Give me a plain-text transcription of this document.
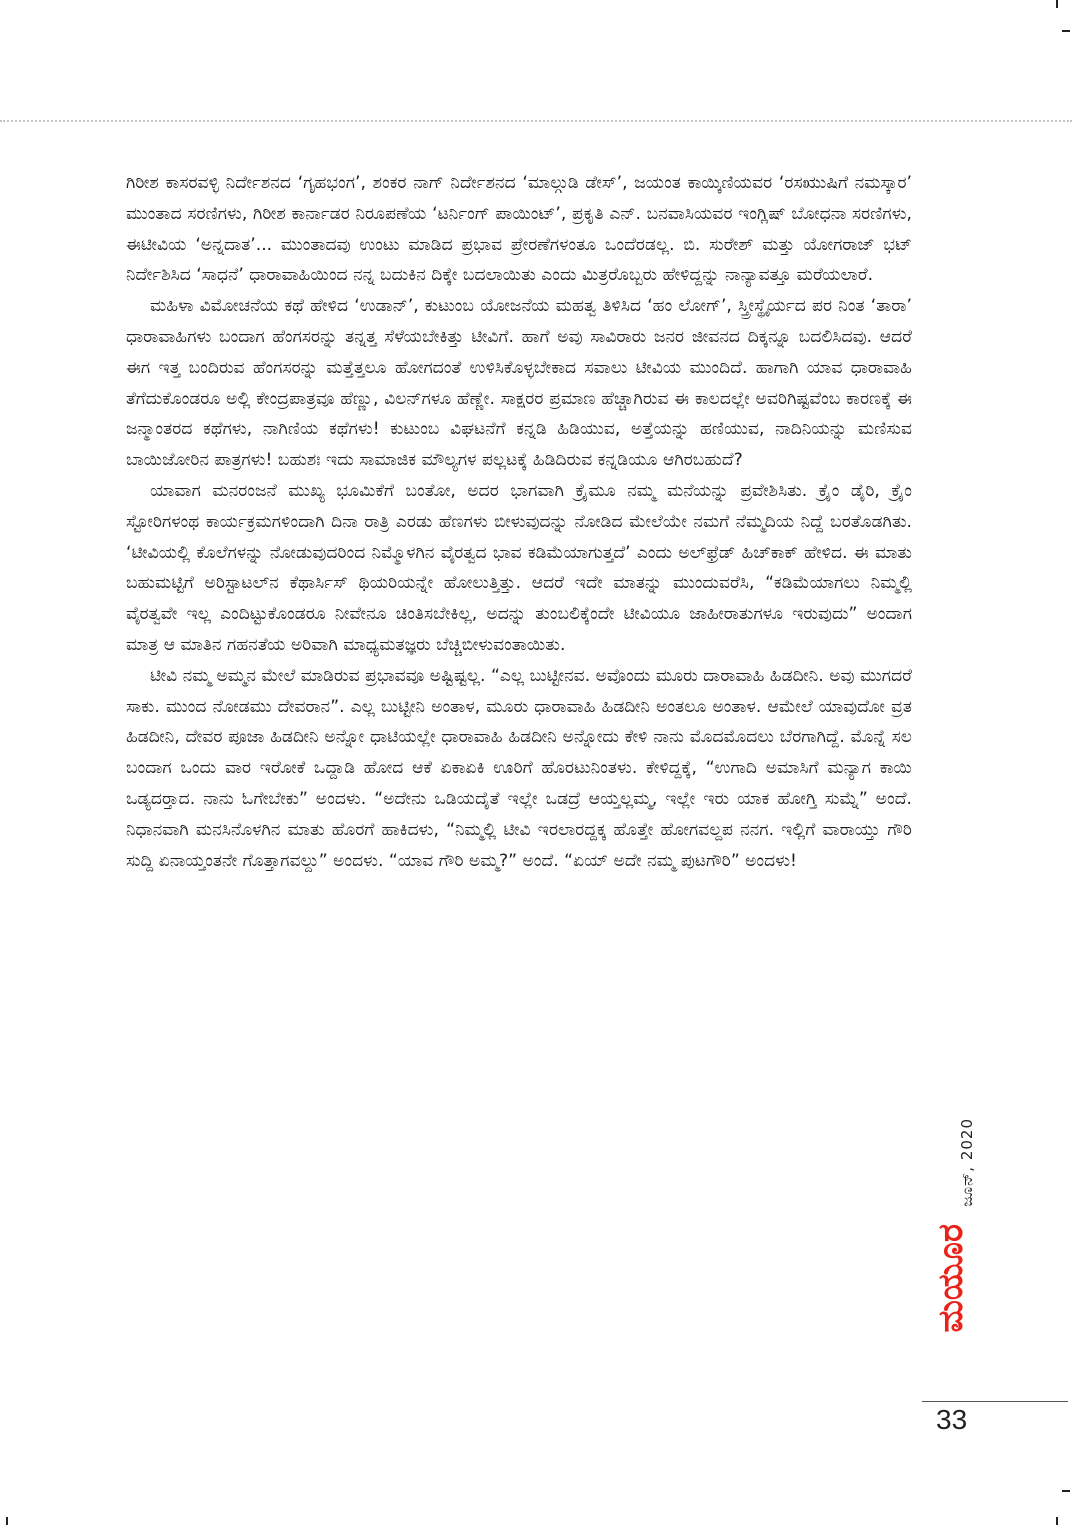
ಗಿರೀಶ ಕಾಸರವಳ್ಳಿ ನಿರ್ದೇಶನದ ‘ಗೃಹಭಂಗ’, ಶಂಕರ ನಾಗ್ ನಿರ್ದೇಶನದ ‘ಮಾಲ್ಗುಡಿ ಡೇಸ್’, ಜಯಂತ ಕಾಯ್ಕಿಣಿಯವರ ‘ರಸಋುಷಿಗೆ ನಮಸ್ಕಾರ’ ಮುಂತಾದ ಸರಣಿಗಳು, ಗಿರೀಶ ಕಾರ್ನಾಡರ ನಿರೂಪಣೆಯ ‘ಟರ್ನಿಂಗ್ ಪಾಯಿಂಟ್’, ಪ್ರಕೃತಿ ಎನ್. ಬನವಾಸಿಯವರ ಇಂಗ್ಲಿಷ್ ಬೋಧನಾ ಸರಣಿಗಳು, ಈಟೀವಿಯ ‘ಅನ್ನದಾತ’... ಮುಂತಾದವು ಉಂಟು ಮಾಡಿದ ಪ್ರಭಾವ ಪ್ರೇರಣೆಗಳಂತೂ ಒಂದೆರಡಲ್ಲ. ಬಿ. ಸುರೇಶ್ ಮತ್ತು ಯೋಗರಾಜ್ ಭಟ್ ನಿರ್ದೇಶಿಸಿದ ‘ಸಾಧನೆ’ ಧಾರಾವಾಹಿಯಿಂದ ನನ್ನ ಬದುಕಿನ ದಿಕ್ಕೇ ಬದಲಾಯಿತು ಎಂದು ಮಿತ್ರರೊಬ್ಬರು ಹೇಳಿದ್ದನ್ನು ನಾನ್ಯಾವತ್ತೂ ಮರೆಯಲಾರೆ.

ಮಹಿಳಾ ವಿಮೋಚನೆಯ ಕಥೆ ಹೇಳಿದ ‘ಉಡಾನ್’, ಕುಟುಂಬ ಯೋಜನೆಯ ಮಹತ್ವ ತಿಳಿಸಿದ ‘ಹಂ ಲೋಗ್’, ಸ್ತ್ರೀಸ್ಥೈರ್ಯದ ಪರ ನಿಂತ ‘ತಾರಾ’ ಧಾರಾವಾಹಿಗಳು ಬಂದಾಗ ಹೆಂಗಸರನ್ನು ತನ್ನತ್ತ ಸೆಳೆಯಬೇಕಿತ್ತು ಟೀವಿಗೆ. ಹಾಗೆ ಅವು ಸಾವಿರಾರು ಜನರ ಜೀವನದ ದಿಕ್ಕನ್ನೂ ಬದಲಿಸಿದವು. ಆದರೆ ಈಗ ಇತ್ತ ಬಂದಿರುವ ಹೆಂಗಸರನ್ನು ಮತ್ತೆತ್ತಲೂ ಹೋಗದಂತೆ ಉಳಿಸಿಕೊಳ್ಳಬೇಕಾದ ಸವಾಲು ಟೀವಿಯ ಮುಂದಿದೆ. ಹಾಗಾಗಿ ಯಾವ ಧಾರಾವಾಹಿ ತೆಗೆದುಕೊಂಡರೂ ಅಲ್ಲಿ ಕೇಂದ್ರಪಾತ್ರವೂ ಹೆಣ್ಣು, ವಿಲನ್‌ಗಳೂ ಹೆಣ್ಣೇ. ಸಾಕ್ಷರರ ಪ್ರಮಾಣ ಹೆಚ್ಚಾಗಿರುವ ಈ ಕಾಲದಲ್ಲೇ ಅವರಿಗಿಷ್ಟವೆಂಬ ಕಾರಣಕ್ಕೆ ಈ ಜನ್ಮಾಂತರದ ಕಥೆಗಳು, ನಾಗಿಣಿಯ ಕಥೆಗಳು! ಕುಟುಂಬ ವಿಘಟನೆಗೆ ಕನ್ನಡಿ ಹಿಡಿಯುವ, ಅತ್ತೆಯನ್ನು ಹಣಿಯುವ, ನಾದಿನಿಯನ್ನು ಮಣಿಸುವ ಬಾಯಿಜೋರಿನ ಪಾತ್ರಗಳು! ಬಹುಶಃ ಇದು ಸಾಮಾಜಿಕ ಮೌಲ್ಯಗಳ ಪಲ್ಲಟಕ್ಕೆ ಹಿಡಿದಿರುವ ಕನ್ನಡಿಯೂ ಆಗಿರಬಹುದೆ?

ಯಾವಾಗ ಮನರಂಜನೆ ಮುಖ್ಯ ಭೂಮಿಕೆಗೆ ಬಂತೋ, ಅದರ ಭಾಗವಾಗಿ ಕ್ರೈಮೂ ನಮ್ಮ ಮನೆಯನ್ನು ಪ್ರವೇಶಿಸಿತು. ಕ್ರೈಂ ಡೈರಿ, ಕ್ರೈಂ ಸ್ಟೋರಿಗಳಂಥ ಕಾರ್ಯಕ್ರಮಗಳಿಂದಾಗಿ ದಿನಾ ರಾತ್ರಿ ಎರಡು ಹೆಣಗಳು ಬೀಳುವುದನ್ನು ನೋಡಿದ ಮೇಲೆಯೇ ನಮಗೆ ನೆಮ್ಮದಿಯ ನಿದ್ದೆ ಬರತೊಡಗಿತು. ‘ಟೀವಿಯಲ್ಲಿ ಕೊಲೆಗಳನ್ನು ನೋಡುವುದರಿಂದ ನಿಮ್ಮೊಳಗಿನ ವೈರತ್ವದ ಭಾವ ಕಡಿಮೆಯಾಗುತ್ತದೆ’ ಎಂದು ಅಲ್‌ಫ್ರೆಡ್ ಹಿಚ್‌ಕಾಕ್ ಹೇಳಿದ. ಈ ಮಾತು ಬಹುಮಟ್ಟಿಗೆ ಅರಿಸ್ಟಾಟಲ್‌ನ ಕೆಥಾರ್ಸಿಸ್ ಥಿಯರಿಯನ್ನೇ ಹೋಲುತ್ತಿತ್ತು. ಆದರೆ ಇದೇ ಮಾತನ್ನು ಮುಂದುವರೆಸಿ, “ಕಡಿಮೆಯಾಗಲು ನಿಮ್ಮಲ್ಲಿ ವೈರತ್ವವೇ ಇಲ್ಲ ಎಂದಿಟ್ಟುಕೊಂಡರೂ ನೀವೇನೂ ಚಿಂತಿಸಬೇಕಿಲ್ಲ, ಅದನ್ನು ತುಂಬಲಿಕ್ಕೆಂದೇ ಟೀವಿಯೂ ಜಾಹೀರಾತುಗಳೂ ಇರುವುದು” ಅಂದಾಗ ಮಾತ್ರ ಆ ಮಾತಿನ ಗಹನತೆಯ ಅರಿವಾಗಿ ಮಾಧ್ಯಮತಜ್ಞರು ಬೆಚ್ಚಿಬೀಳುವಂತಾಯಿತು.

ಟೀವಿ ನಮ್ಮ ಅಮ್ಮನ ಮೇಲೆ ಮಾಡಿರುವ ಪ್ರಭಾವವೂ ಅಷ್ಟಿಷ್ಟಲ್ಲ. “ಎಲ್ಲ ಬುಟ್ಟೀನವ. ಅವೊಂದು ಮೂರು ದಾರಾವಾಹಿ ಹಿಡದೀನಿ. ಅವು ಮುಗದರೆ ಸಾಕು. ಮುಂದ ನೋಡಮು ದೇವರಾನ”. ಎಲ್ಲ ಬುಟ್ಟೀನಿ ಅಂತಾಳ, ಮೂರು ಧಾರಾವಾಹಿ ಹಿಡದೀನಿ ಅಂತಲೂ ಅಂತಾಳ. ಆಮೇಲೆ ಯಾವುದೋ ವ್ರತ ಹಿಡದೀನಿ, ದೇವರ ಪೂಜಾ ಹಿಡದೀನಿ ಅನ್ನೋ ಧಾಟಿಯಲ್ಲೇ ಧಾರಾವಾಹಿ ಹಿಡದೀನಿ ಅನ್ನೋದು ಕೇಳಿ ನಾನು ಮೊದಮೊದಲು ಬೆರಗಾಗಿದ್ದೆ. ಮೊನ್ನೆ ಸಲ ಬಂದಾಗ ಒಂದು ವಾರ ಇರೋಕೆ ಒದ್ದಾಡಿ ಹೋದ ಆಕೆ ಏಕಾಏಕಿ ಊರಿಗೆ ಹೊರಟುನಿಂತಳು. ಕೇಳಿದ್ದಕ್ಕೆ, “ಉಗಾದಿ ಅಮಾಸಿಗೆ ಮನ್ಯಾಗ ಕಾಯಿ ಒಡ್ಯದರ‍್ತಾದ. ನಾನು ಓಗೇಬೇಕು” ಅಂದಳು. “ಅದೇನು ಒಡಿಯದೈತೆ ಇಲ್ಲೇ ಒಡದ್ರೆ ಆಯ್ತಲ್ಲಮ್ಮ, ಇಲ್ಲೇ ಇರು ಯಾಕ ಹೋಗ್ತಿ ಸುಮ್ನೆ” ಅಂದೆ. ನಿಧಾನವಾಗಿ ಮನಸಿನೊಳಗಿನ ಮಾತು ಹೊರಗೆ ಹಾಕಿದಳು, “ನಿಮ್ಮಲ್ಲಿ ಟೀವಿ ಇರಲಾರದ್ದಕ್ಕ ಹೊತ್ತೇ ಹೋಗವಲ್ದಪ ನನಗ. ಇಲ್ಲಿಗೆ ವಾರಾಯ್ತು ಗೌರಿ ಸುದ್ದಿ ಏನಾಯ್ತಂತನೇ ಗೊತ್ತಾಗವಲ್ದು” ಅಂದಳು. “ಯಾವ ಗೌರಿ ಅಮ್ಮ?” ಅಂದೆ. “ಏಯ್ ಅದೇ ನಮ್ಮ ಪುಟಗೌರಿ” ಅಂದಳು!

ಜೂನ್, 2020
ಮಯೂರ
33
